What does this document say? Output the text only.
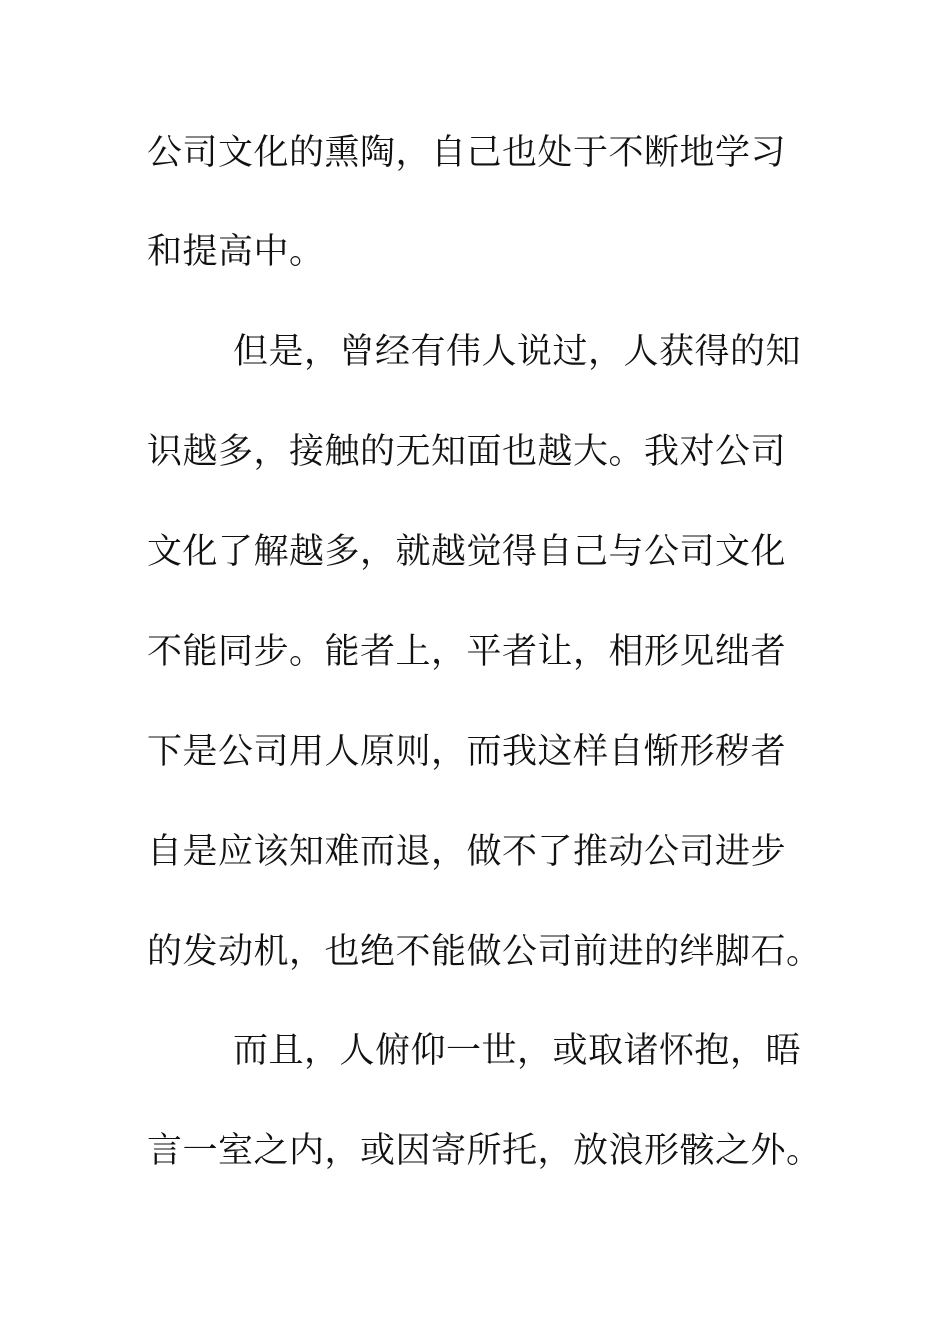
公司文化的熏陶，自己也处于不断地学习
和提高中。
但是，曾经有伟人说过，人获得的知
识越多，接触的无知面也越大。我对公司
文化了解越多，就越觉得自己与公司文化
不能同步。能者上，平者让，相形见绌者
下是公司用人原则，而我这样自惭形秽者
自是应该知难而退，做不了推动公司进步
的发动机，也绝不能做公司前进的绊脚石。
而且，人俯仰一世，或取诸怀抱，晤
言一室之内，或因寄所托，放浪形骸之外。
